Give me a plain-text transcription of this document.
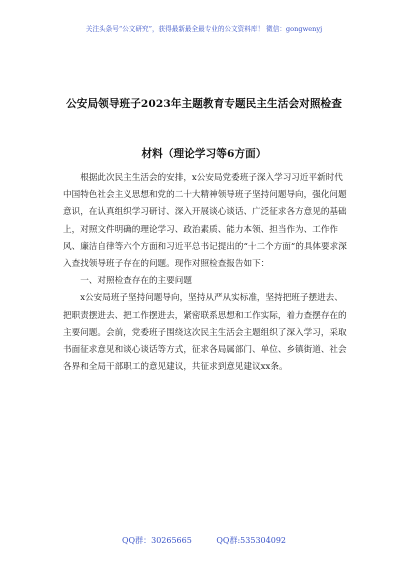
关注头条号“公文研究”，获得最新最全最专业的公文资料库！ 微信：gongwenyj
公安局领导班子2023年主题教育专题民主生活会对照检查
材料（理论学习等6方面）

根据此次民主生活会的安排，x公安局党委班子深入学习习近平新时代中国特色社会主义思想和党的二十大精神领导班子坚持问题导向，强化问题意识，在认真组织学习研讨、深入开展谈心谈话、广泛征求各方意见的基础上，对照文件明确的理论学习、政治素质、能力本领、担当作为、工作作风、廉洁自律等六个方面和习近平总书记提出的“十二个方面”的具体要求深入查找领导班子存在的问题。现作对照检查报告如下：

一、对照检查存在的主要问题

x公安局班子坚持问题导向，坚持从严从实标准，坚持把班子摆进去、把职责摆进去、把工作摆进去，紧密联系思想和工作实际，着力查摆存在的主要问题。会前，党委班子围绕这次民主生活会主题组织了深入学习，采取书面征求意见和谈心谈话等方式，征求各局属部门、单位、乡镇街道、社会各界和全局干部职工的意见建议，共征求到意见建议xx条。

QQ群：30265665	QQ群:535304092
